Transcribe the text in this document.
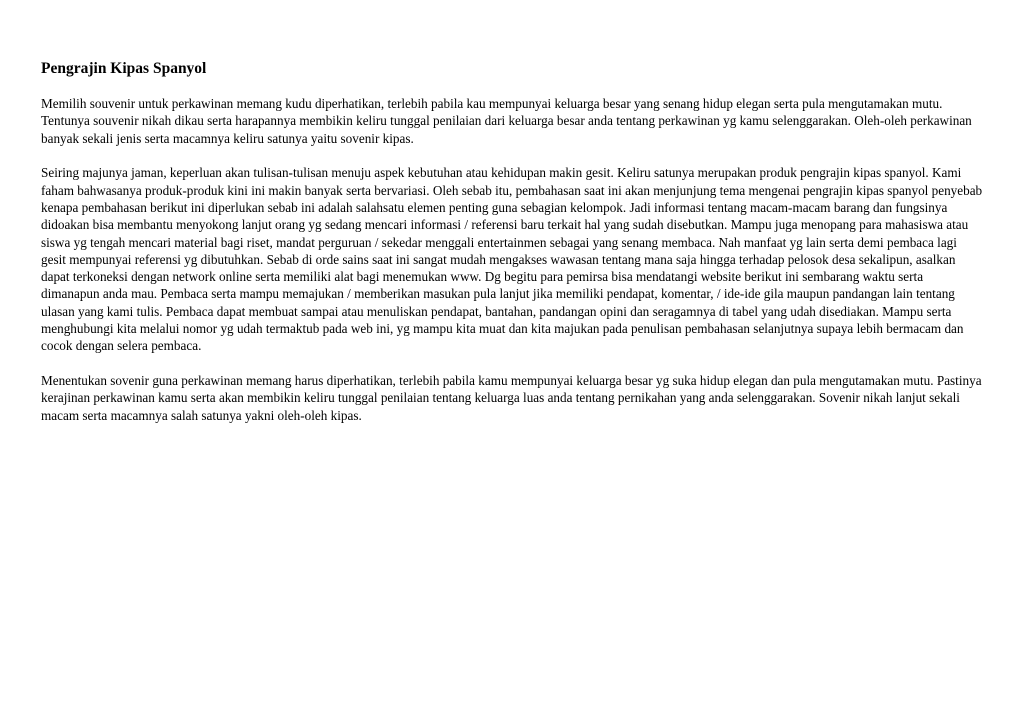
Pengrajin Kipas Spanyol

Memilih souvenir untuk perkawinan memang kudu diperhatikan, terlebih pabila kau mempunyai keluarga besar yang senang hidup elegan serta pula mengutamakan mutu. Tentunya souvenir nikah dikau serta harapannya membikin keliru tunggal penilaian dari keluarga besar anda tentang perkawinan yg kamu selenggarakan. Oleh-oleh perkawinan banyak sekali jenis serta macamnya keliru satunya yaitu sovenir kipas.

Seiring majunya jaman, keperluan akan tulisan-tulisan menuju aspek kebutuhan atau kehidupan makin gesit. Keliru satunya merupakan produk pengrajin kipas spanyol. Kami faham bahwasanya produk-produk kini ini makin banyak serta bervariasi. Oleh sebab itu, pembahasan saat ini akan menjunjung tema mengenai pengrajin kipas spanyol penyebab kenapa pembahasan berikut ini diperlukan sebab ini adalah salahsatu elemen penting guna sebagian kelompok. Jadi informasi tentang macam-macam barang dan fungsinya didoakan bisa membantu menyokong lanjut orang yg sedang mencari informasi / referensi baru terkait hal yang sudah disebutkan. Mampu juga menopang para mahasiswa atau siswa yg tengah mencari material bagi riset, mandat perguruan / sekedar menggali entertainmen sebagai yang senang membaca. Nah manfaat yg lain serta demi pembaca lagi gesit mempunyai referensi yg dibutuhkan. Sebab di orde sains saat ini sangat mudah mengakses wawasan tentang mana saja hingga terhadap pelosok desa sekalipun, asalkan dapat terkoneksi dengan network online serta memiliki alat bagi menemukan www. Dg begitu para pemirsa bisa mendatangi website berikut ini sembarang waktu serta dimanapun anda mau. Pembaca serta mampu memajukan / memberikan masukan pula lanjut jika memiliki pendapat, komentar, / ide-ide gila maupun pandangan lain tentang ulasan yang kami tulis. Pembaca dapat membuat sampai atau menuliskan pendapat, bantahan, pandangan opini dan seragamnya di tabel yang udah disediakan. Mampu serta menghubungi kita melalui nomor yg udah termaktub pada web ini, yg mampu kita muat dan kita majukan pada penulisan pembahasan selanjutnya supaya lebih bermacam dan cocok dengan selera pembaca.

Menentukan sovenir guna perkawinan memang harus diperhatikan, terlebih pabila kamu mempunyai keluarga besar yg suka hidup elegan dan pula mengutamakan mutu. Pastinya kerajinan perkawinan kamu serta akan membikin keliru tunggal penilaian tentang keluarga luas anda tentang pernikahan yang anda selenggarakan. Sovenir nikah lanjut sekali macam serta macamnya salah satunya yakni oleh-oleh kipas.
